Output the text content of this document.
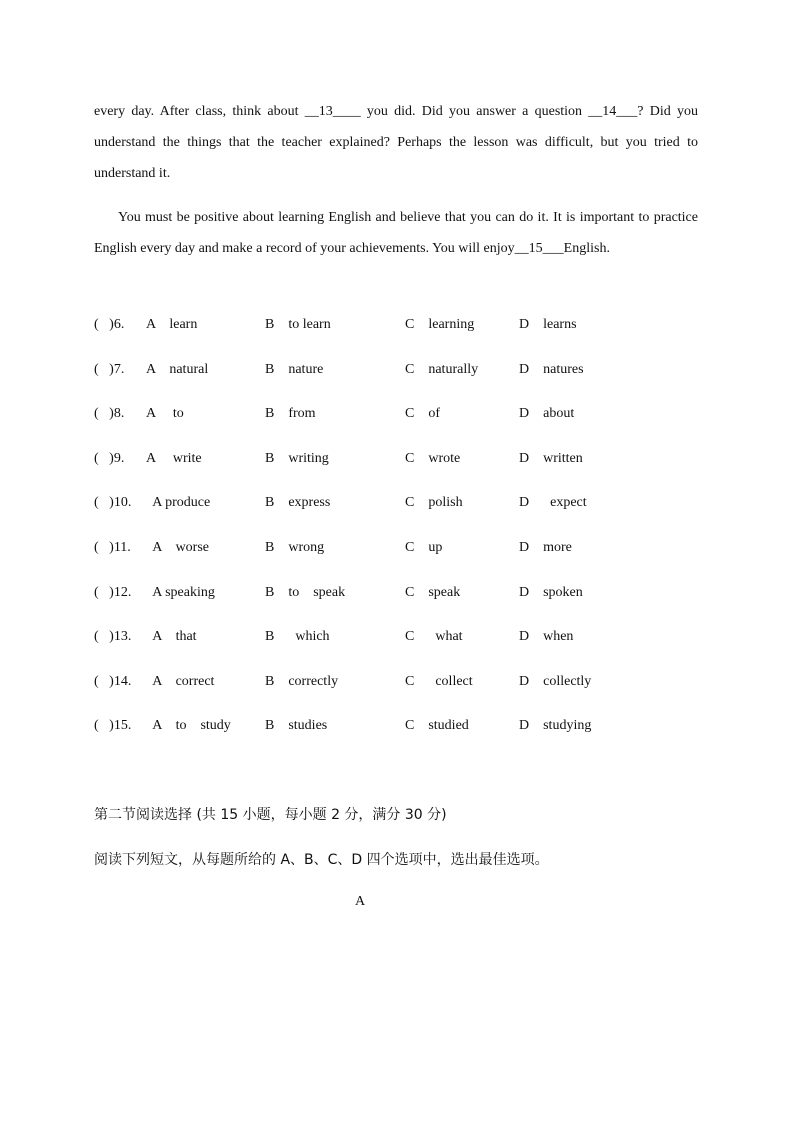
every day. After class, think about __13____ you did. Did you answer a question __14___? Did you understand the things that the teacher explained? Perhaps the lesson was difficult, but you tried to understand it.

You must be positive about learning English and believe that you can do it. It is important to practice English every day and make a record of your achievements. You will enjoy__15___English.

(   )6. A    learn	B    to learn	C    learning	D    learns
(   )7. A    natural	B    nature	C    naturally	D    natures
(   )8. A     to	B    from	C    of	D    about
(   )9. A     write	B    writing	C    wrote	D    written
(   )10. A produce	B    express	C    polish	D      expect
(   )11. A    worse	B    wrong	C    up	D    more
(   )12. A speaking	B    to    speak	C    speak	D    spoken
(   )13. A    that	B      which	C      what	D    when
(   )14. A    correct	B    correctly	C      collect	D    collectly
(   )15. A    to    study B    studies	C    studied	D    studying
第二节阅读选择 (共 15 小题，每小题 2 分，满分 30 分)
阅读下列短文，从每题所给的 A、B、C、D 四个选项中，选出最佳选项。
A
